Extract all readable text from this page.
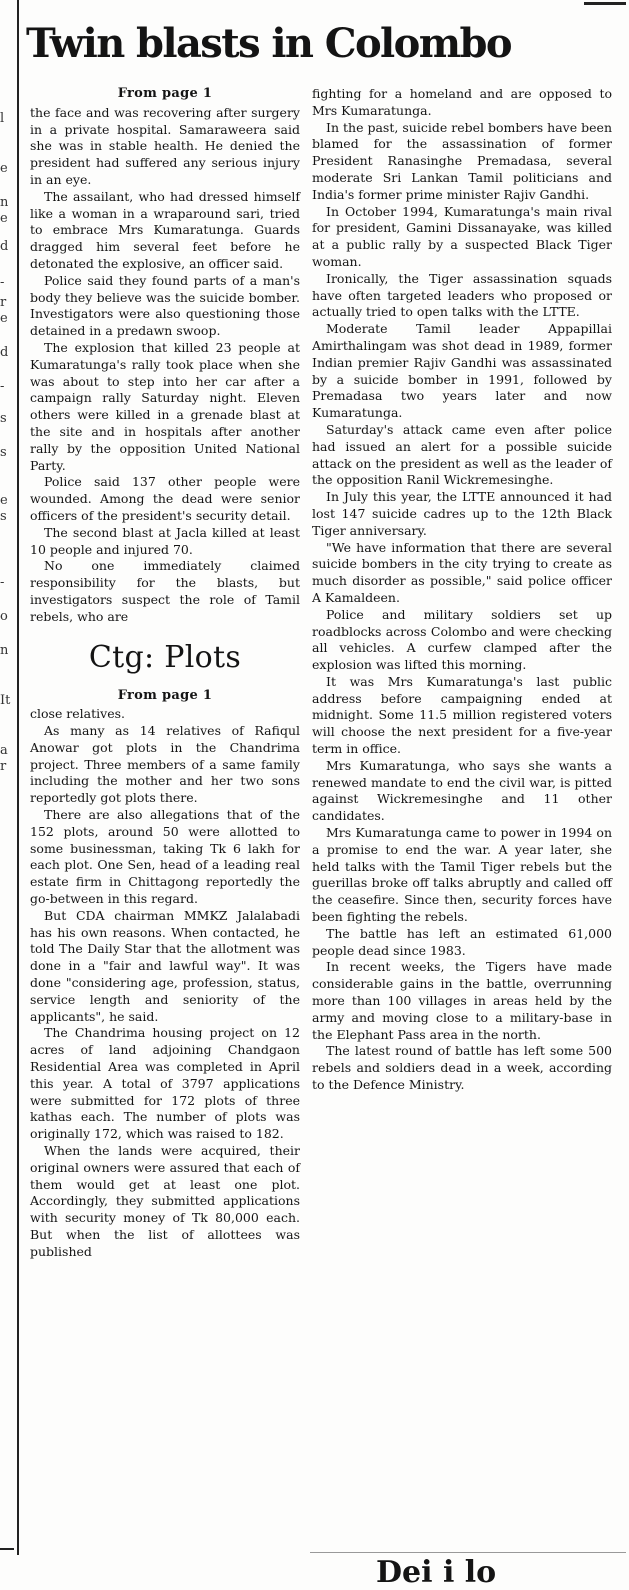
l
e
n
e
d
-
r
e
d
-
s
s
e
s
-
o
n
It
a
r
Twin blasts in Colombo
From page 1

the face and was recovering after surgery in a private hospital. Samaraweera said she was in stable health. He denied the president had suffered any serious injury in an eye.

The assailant, who had dressed himself like a woman in a wraparound sari, tried to embrace Mrs Kumaratunga. Guards dragged him several feet before he detonated the explosive, an officer said.

Police said they found parts of a man's body they believe was the suicide bomber. Investigators were also questioning those detained in a predawn swoop.

The explosion that killed 23 people at Kumaratunga's rally took place when she was about to step into her car after a campaign rally Saturday night. Eleven others were killed in a grenade blast at the site and in hospitals after another rally by the opposition United National Party.

Police said 137 other people were wounded. Among the dead were senior officers of the president's security detail.

The second blast at Jacla killed at least 10 people and injured 70.

No one immediately claimed responsibility for the blasts, but investigators suspect the role of Tamil rebels, who are

Ctg: Plots
From page 1

close relatives.

As many as 14 relatives of Rafiqul Anowar got plots in the Chandrima project. Three members of a same family including the mother and her two sons reportedly got plots there.

There are also allegations that of the 152 plots, around 50 were allotted to some businessman, taking Tk 6 lakh for each plot. One Sen, head of a leading real estate firm in Chittagong reportedly the go-between in this regard.

But CDA chairman MMKZ Jalalabadi has his own reasons. When contacted, he told The Daily Star that the allotment was done in a "fair and lawful way". It was done "considering age, profession, status, service length and seniority of the applicants", he said.

The Chandrima housing project on 12 acres of land adjoining Chandgaon Residential Area was completed in April this year. A total of 3797 applications were submitted for 172 plots of three kathas each. The number of plots was originally 172, which was raised to 182.

When the lands were acquired, their original owners were assured that each of them would get at least one plot. Accordingly, they submitted applications with security money of Tk 80,000 each. But when the list of allottees was published

fighting for a homeland and are opposed to Mrs Kumaratunga.

In the past, suicide rebel bombers have been blamed for the assassination of former President Ranasinghe Premadasa, several moderate Sri Lankan Tamil politicians and India's former prime minister Rajiv Gandhi.

In October 1994, Kumaratunga's main rival for president, Gamini Dissanayake, was killed at a public rally by a suspected Black Tiger woman.

Ironically, the Tiger assassination squads have often targeted leaders who proposed or actually tried to open talks with the LTTE.

Moderate Tamil leader Appapillai Amirthalingam was shot dead in 1989, former Indian premier Rajiv Gandhi was assassinated by a suicide bomber in 1991, followed by Premadasa two years later and now Kumaratunga.

Saturday's attack came even after police had issued an alert for a possible suicide attack on the president as well as the leader of the opposition Ranil Wickremesinghe.

In July this year, the LTTE announced it had lost 147 suicide cadres up to the 12th Black Tiger anniversary.

"We have information that there are several suicide bombers in the city trying to create as much disorder as possible," said police officer A Kamaldeen.

Police and military soldiers set up roadblocks across Colombo and were checking all vehicles. A curfew clamped after the explosion was lifted this morning.

It was Mrs Kumaratunga's last public address before campaigning ended at midnight. Some 11.5 million registered voters will choose the next president for a five-year term in office.

Mrs Kumaratunga, who says she wants a renewed mandate to end the civil war, is pitted against Wickremesinghe and 11 other candidates.

Mrs Kumaratunga came to power in 1994 on a promise to end the war. A year later, she held talks with the Tamil Tiger rebels but the guerillas broke off talks abruptly and called off the ceasefire. Since then, security forces have been fighting the rebels.

The battle has left an estimated 61,000 people dead since 1983.

In recent weeks, the Tigers have made considerable gains in the battle, overrunning more than 100 villages in areas held by the army and moving close to a military-base in the Elephant Pass area in the north.

The latest round of battle has left some 500 rebels and soldiers dead in a week, according to the Defence Ministry.

Dei i lo
